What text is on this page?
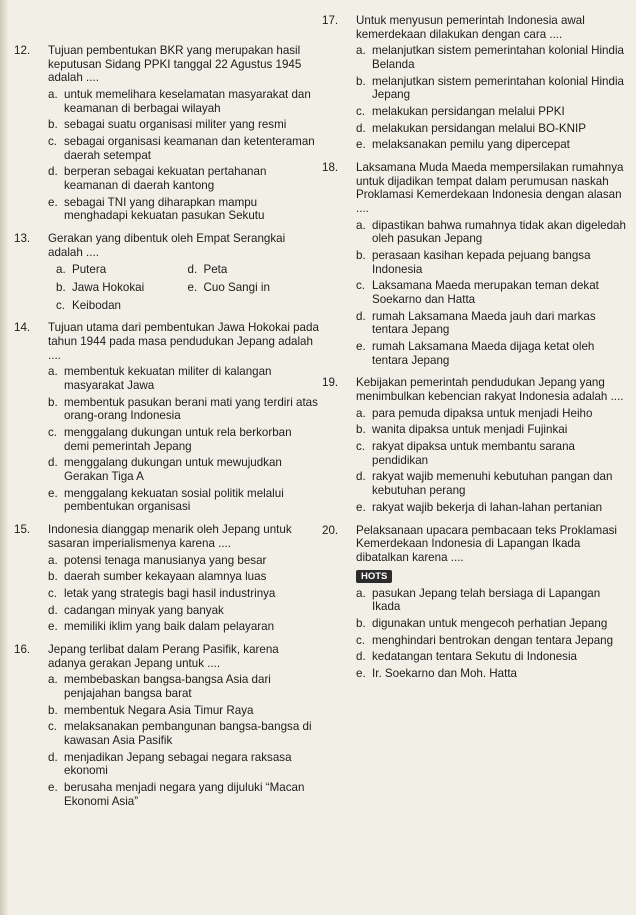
12.	Tujuan pembentukan BKR yang merupakan hasil keputusan Sidang PPKI tanggal 22 Agustus 1945 adalah ....
a. untuk memelihara keselamatan masyarakat dan keamanan di berbagai wilayah
b. sebagai suatu organisasi militer yang resmi
c. sebagai organisasi keamanan dan ketenteraman daerah setempat
d. berperan sebagai kekuatan pertahanan keamanan di daerah kantong
e. sebagai TNI yang diharapkan mampu menghadapi kekuatan pasukan Sekutu
13.	Gerakan yang dibentuk oleh Empat Serangkai adalah ....
a. Putera	d. Peta
b. Jawa Hokokai	e. Cuo Sangi in
c. Keibodan
14.	Tujuan utama dari pembentukan Jawa Hokokai pada tahun 1944 pada masa pendudukan Jepang adalah ....
a. membentuk kekuatan militer di kalangan masyarakat Jawa
b. membentuk pasukan berani mati yang terdiri atas orang-orang Indonesia
c. menggalang dukungan untuk rela berkorban demi pemerintah Jepang
d. menggalang dukungan untuk mewujudkan Gerakan Tiga A
e. menggalang kekuatan sosial politik melalui pembentukan organisasi
15.	Indonesia dianggap menarik oleh Jepang untuk sasaran imperialismenya karena ....
a. potensi tenaga manusianya yang besar
b. daerah sumber kekayaan alamnya luas
c. letak yang strategis bagi hasil industrinya
d. cadangan minyak yang banyak
e. memiliki iklim yang baik dalam pelayaran
16.	Jepang terlibat dalam Perang Pasifik, karena adanya gerakan Jepang untuk ....
a. membebaskan bangsa-bangsa Asia dari penjajahan bangsa barat
b. membentuk Negara Asia Timur Raya
c. melaksanakan pembangunan bangsa-bangsa di kawasan Asia Pasifik
d. menjadikan Jepang sebagai negara raksasa ekonomi
e. berusaha menjadi negara yang dijuluki “Macan Ekonomi Asia”
17.	Untuk menyusun pemerintah Indonesia awal kemerdekaan dilakukan dengan cara ....
a. melanjutkan sistem pemerintahan kolonial Hindia Belanda
b. melanjutkan sistem pemerintahan kolonial Hindia Jepang
c. melakukan persidangan melalui PPKI
d. melakukan persidangan melalui BO-KNIP
e. melaksanakan pemilu yang dipercepat
18.	Laksamana Muda Maeda mempersilakan rumahnya untuk dijadikan tempat dalam perumusan naskah Proklamasi Kemerdekaan Indonesia dengan alasan ....
a. dipastikan bahwa rumahnya tidak akan digeledah oleh pasukan Jepang
b. perasaan kasihan kepada pejuang bangsa Indonesia
c. Laksamana Maeda merupakan teman dekat Soekarno dan Hatta
d. rumah Laksamana Maeda jauh dari markas tentara Jepang
e. rumah Laksamana Maeda dijaga ketat oleh tentara Jepang
19.	Kebijakan pemerintah pendudukan Jepang yang menimbulkan kebencian rakyat Indonesia adalah ....
a. para pemuda dipaksa untuk menjadi Heiho
b. wanita dipaksa untuk menjadi Fujinkai
c. rakyat dipaksa untuk membantu sarana pendidikan
d. rakyat wajib memenuhi kebutuhan pangan dan kebutuhan perang
e. rakyat wajib bekerja di lahan-lahan pertanian
20.	Pelaksanaan upacara pembacaan teks Proklamasi Kemerdekaan Indonesia di Lapangan Ikada dibatalkan karena ....
HOTS
a. pasukan Jepang telah bersiaga di Lapangan Ikada
b. digunakan untuk mengecoh perhatian Jepang
c. menghindari bentrokan dengan tentara Jepang
d. kedatangan tentara Sekutu di Indonesia
e. Ir. Soekarno dan Moh. Hatta
